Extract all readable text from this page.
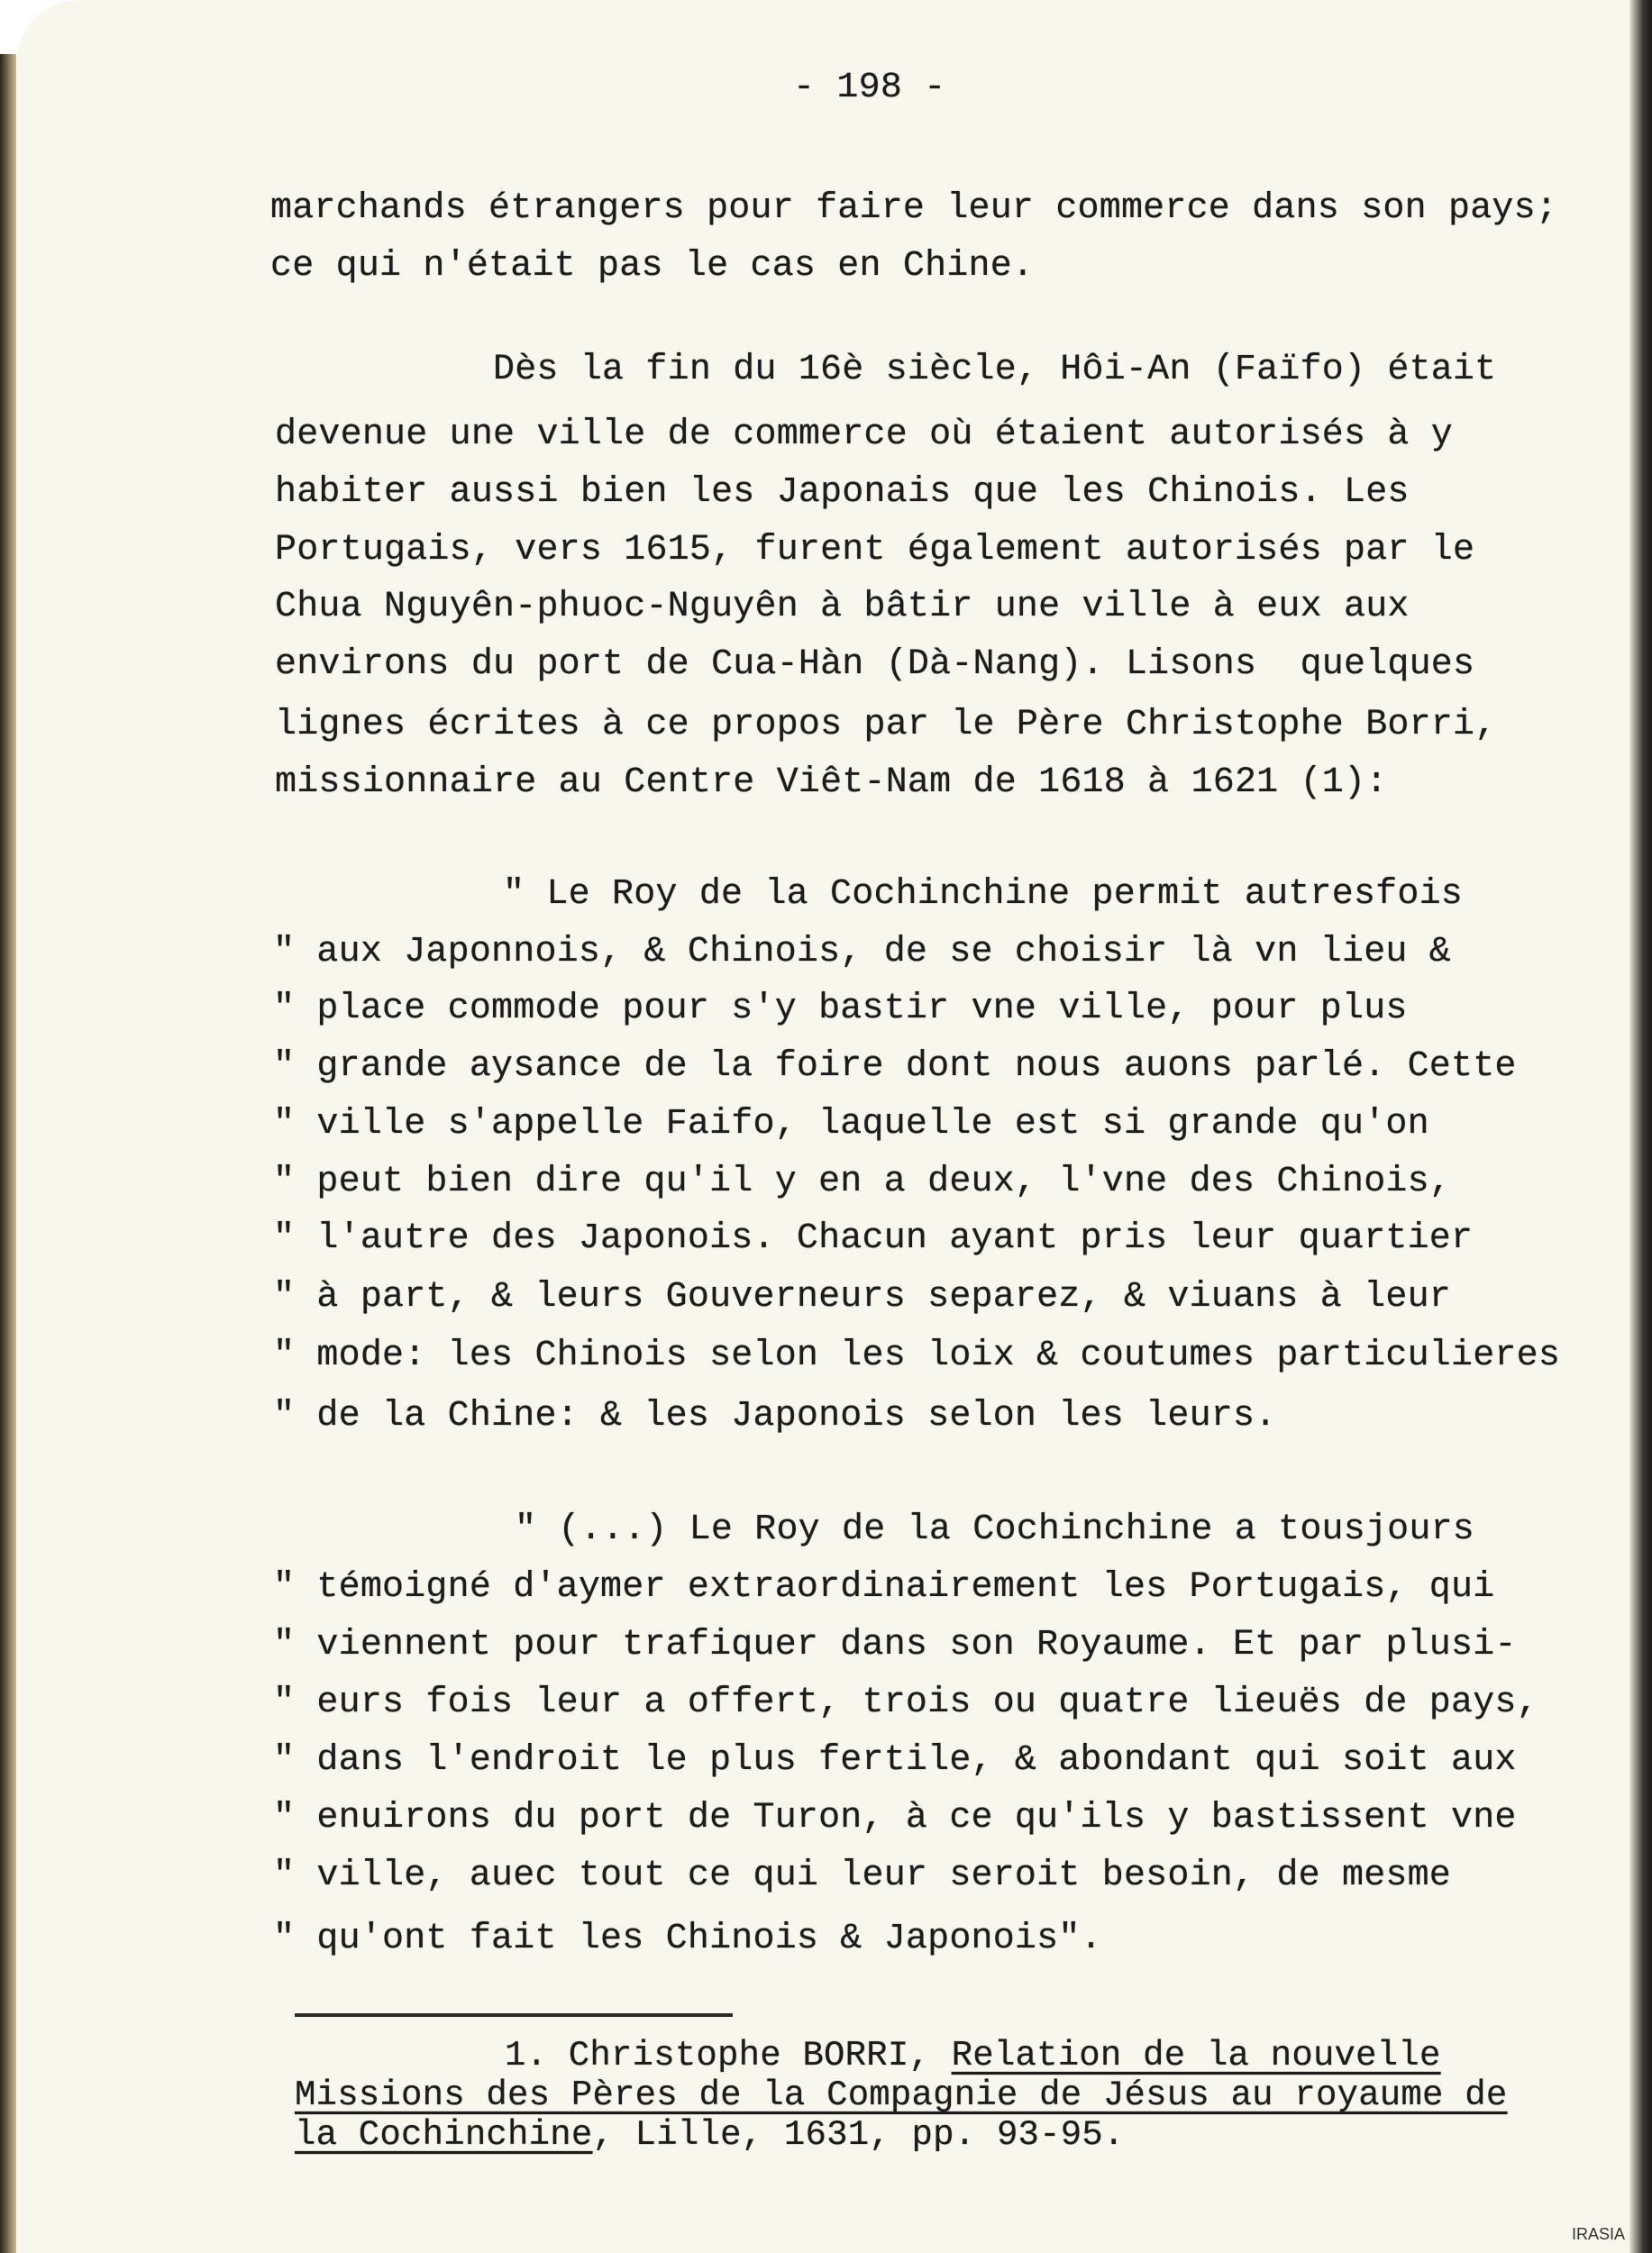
- 198 -
marchands étrangers pour faire leur commerce dans son pays;
ce qui n'était pas le cas en Chine.
Dès la fin du 16è siècle, Hôi-An (Faïfo) était
devenue une ville de commerce où étaient autorisés à y
habiter aussi bien les Japonais que les Chinois. Les
Portugais, vers 1615, furent également autorisés par le
Chua Nguyên-phuoc-Nguyên à bâtir une ville à eux aux
environs du port de Cua-Hàn (Dà-Nang). Lisons  quelques
lignes écrites à ce propos par le Père Christophe Borri,
missionnaire au Centre Viêt-Nam de 1618 à 1621 (1):
" Le Roy de la Cochinchine permit autresfois
" aux Japonnois, & Chinois, de se choisir là vn lieu &
" place commode pour s'y bastir vne ville, pour plus
" grande aysance de la foire dont nous auons parlé. Cette
" ville s'appelle Faifo, laquelle est si grande qu'on
" peut bien dire qu'il y en a deux, l'vne des Chinois,
" l'autre des Japonois. Chacun ayant pris leur quartier
" à part, & leurs Gouverneurs separez, & viuans à leur
" mode: les Chinois selon les loix & coutumes particulieres
" de la Chine: & les Japonois selon les leurs.
" (...) Le Roy de la Cochinchine a tousjours
" témoigné d'aymer extraordinairement les Portugais, qui
" viennent pour trafiquer dans son Royaume. Et par plusi-
" eurs fois leur a offert, trois ou quatre lieuës de pays,
" dans l'endroit le plus fertile, & abondant qui soit aux
" enuirons du port de Turon, à ce qu'ils y bastissent vne
" ville, auec tout ce qui leur seroit besoin, de mesme
" qu'ont fait les Chinois & Japonois".
1. Christophe BORRI, Relation de la nouvelle
Missions des Pères de la Compagnie de Jésus au royaume de
la Cochinchine, Lille, 1631, pp. 93-95.
IRASIA
